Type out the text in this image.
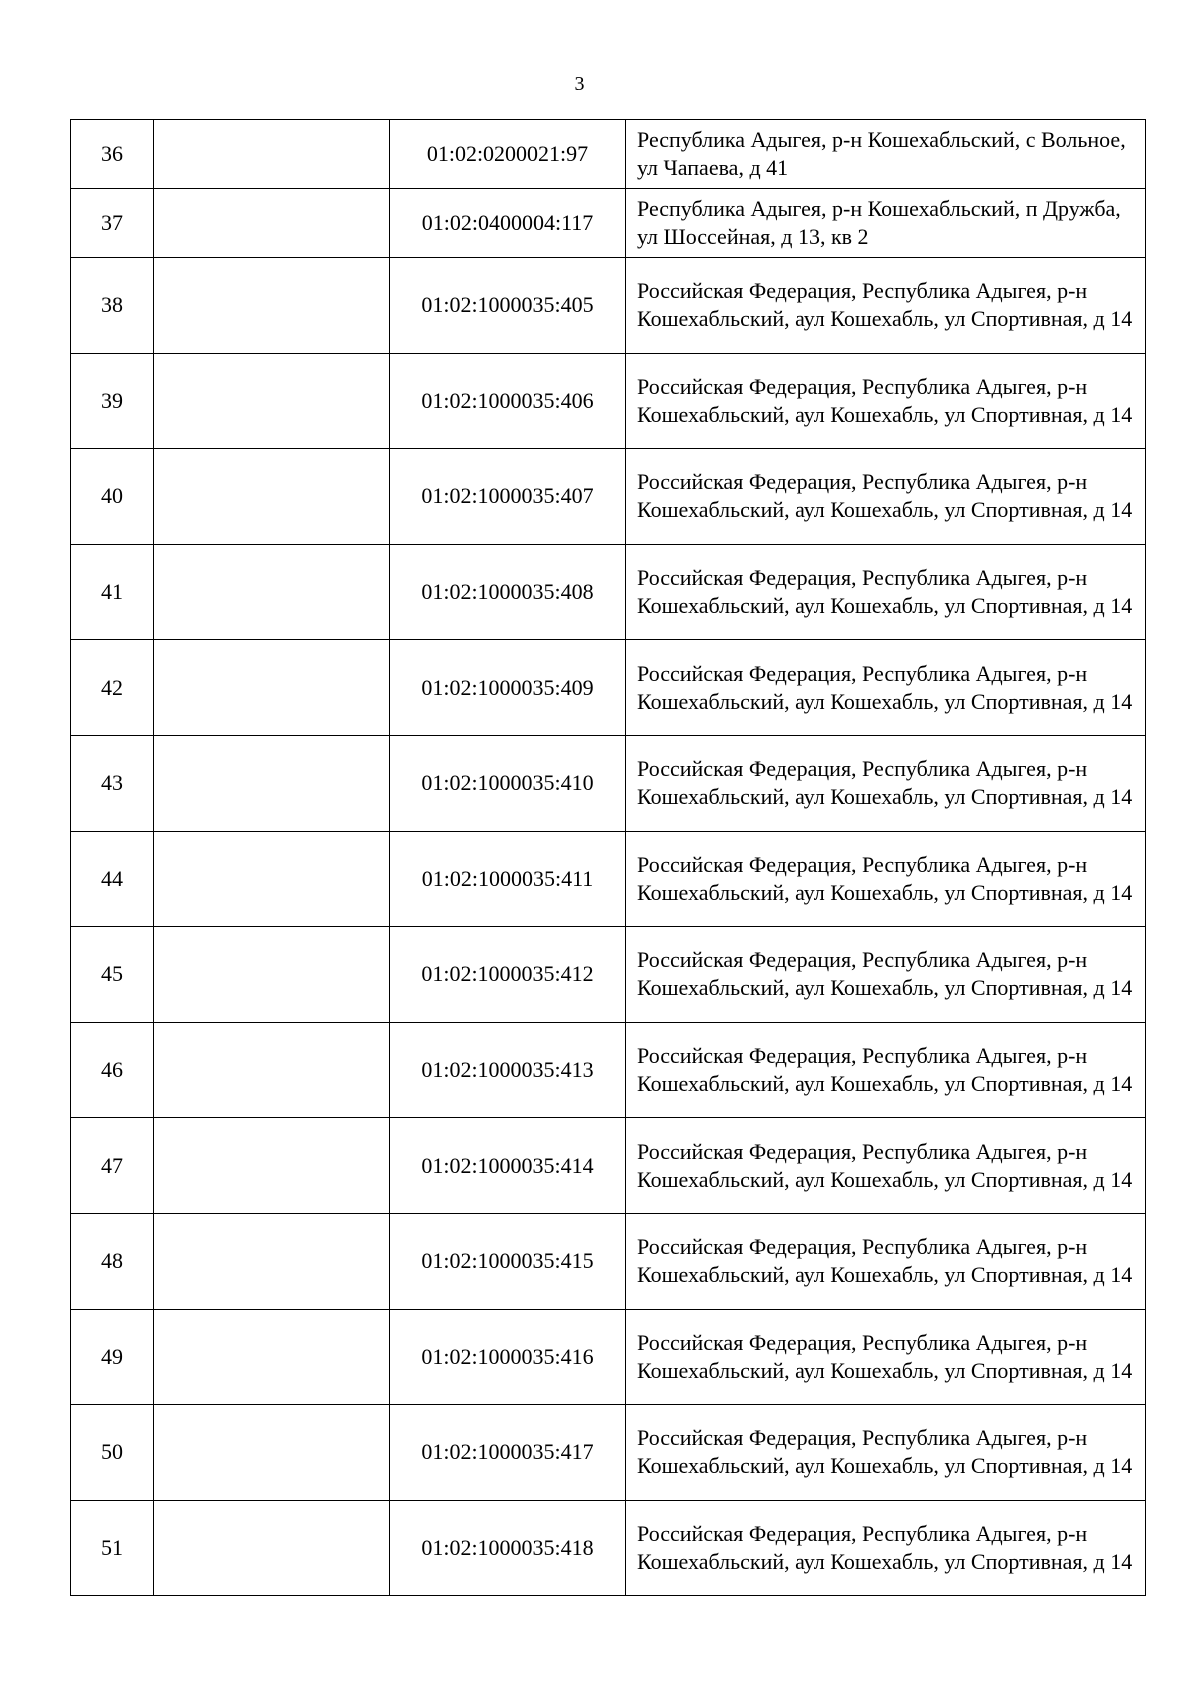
3
36		01:02:0200021:97	Республика Адыгея, р-н Кошехабльский, с Вольное, ул Чапаева, д 41
37		01:02:0400004:117	Республика Адыгея, р-н Кошехабльский, п Дружба, ул Шоссейная, д 13, кв 2
38		01:02:1000035:405	Российская Федерация, Республика Адыгея, р-н Кошехабльский, аул Кошехабль, ул Спортивная, д 14
39		01:02:1000035:406	Российская Федерация, Республика Адыгея, р-н Кошехабльский, аул Кошехабль, ул Спортивная, д 14
40		01:02:1000035:407	Российская Федерация, Республика Адыгея, р-н Кошехабльский, аул Кошехабль, ул Спортивная, д 14
41		01:02:1000035:408	Российская Федерация, Республика Адыгея, р-н Кошехабльский, аул Кошехабль, ул Спортивная, д 14
42		01:02:1000035:409	Российская Федерация, Республика Адыгея, р-н Кошехабльский, аул Кошехабль, ул Спортивная, д 14
43		01:02:1000035:410	Российская Федерация, Республика Адыгея, р-н Кошехабльский, аул Кошехабль, ул Спортивная, д 14
44		01:02:1000035:411	Российская Федерация, Республика Адыгея, р-н Кошехабльский, аул Кошехабль, ул Спортивная, д 14
45		01:02:1000035:412	Российская Федерация, Республика Адыгея, р-н Кошехабльский, аул Кошехабль, ул Спортивная, д 14
46		01:02:1000035:413	Российская Федерация, Республика Адыгея, р-н Кошехабльский, аул Кошехабль, ул Спортивная, д 14
47		01:02:1000035:414	Российская Федерация, Республика Адыгея, р-н Кошехабльский, аул Кошехабль, ул Спортивная, д 14
48		01:02:1000035:415	Российская Федерация, Республика Адыгея, р-н Кошехабльский, аул Кошехабль, ул Спортивная, д 14
49		01:02:1000035:416	Российская Федерация, Республика Адыгея, р-н Кошехабльский, аул Кошехабль, ул Спортивная, д 14
50		01:02:1000035:417	Российская Федерация, Республика Адыгея, р-н Кошехабльский, аул Кошехабль, ул Спортивная, д 14
51		01:02:1000035:418	Российская Федерация, Республика Адыгея, р-н Кошехабльский, аул Кошехабль, ул Спортивная, д 14
